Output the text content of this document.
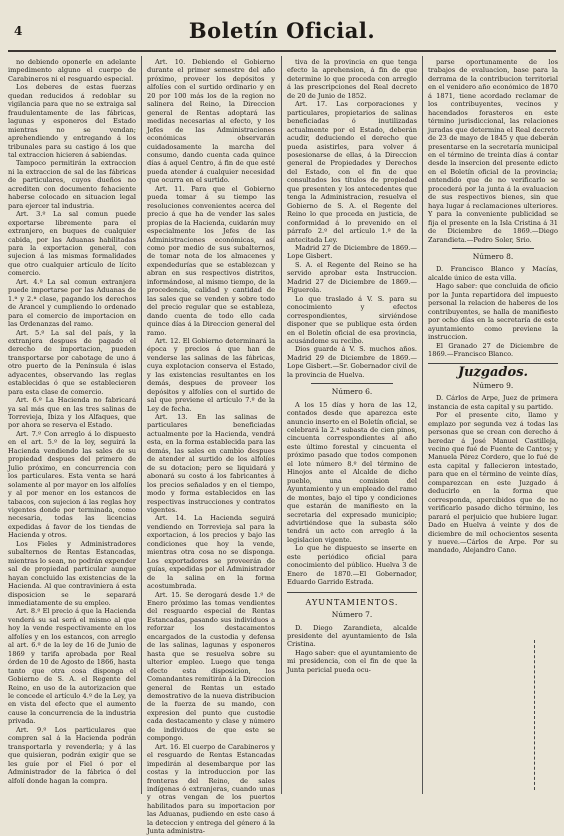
4	Boletín Oficial.

no debiendo oponerle en adelante impedimento alguno el cuerpo de Carabineros ni el resguardo especial.

Los deberes de estas fuerzas quedan reducidos á redoblar su vigilancia para que no se extraiga sal fraudulentamente de las fábricas, lagunas y esponeros del Estado mientras no se vendan; aprehendiendo y entregando á los tribunales para su castigo á los que tal extraccion hicieren á sabiendas.

Tampoco permitirán la extraccion ni la extraccion de sal de las fábricas de particulares, cuyos dueños no acrediten con documento fehaciente haberse colocado en situacion legal para ejercer tal industria.

Art. 3.º La sal comun puede exportarse libremente para el extranjero, en buques de cualquier cabida, por las Aduanas habilitadas para la exportacion general, con sujecion á las mismas formalidades que otro cualquier artículo de lícito comercio.

Art. 4.º La sal comun extranjera puede importarse por las Aduanas de 1.ª y 2.ª clase, pagando los derechos de Arancel y cumpliendo lo ordenado para el comercio de importacion en las Ordenanzas del ramo.

Art. 5.º La sal del país, y la extranjera despues de pagado el derecho de importacion, pueden transportarse por cabotage de uno á otro puerto de la Península é islas adyacentes, observando las reglas establecidas ó que se establecieren para esta clase de comercio.

Art. 6.º La Hacienda no fabricará ya sal más que en las tres salinas de Torrevieja, Ibiza y los Alfaques, que por ahora se reserva el Estado.

Art. 7.º Con arreglo á lo dispuesto en el art. 5.º de la ley, seguirá la Hacienda vendiendo las sales de su propiedad despues del primero de Julio próximo, en concurrencia con los particulares. Esta venta se hará solamente al por mayor en los alfolíes y al por menor en los estancos de tabacos, con sujecion á las reglas hoy vigentes donde por terminada, como necesaria, todas las licencias expedidas á favor de los tiendas de Hacienda y otros.

Los Fieles y Administradores subalternos de Rentas Estancadas, mientras lo sean, no podrán expender sal de propiedad particular aunque hayan concluido las existencias de la Hacienda. Al que contraviniera á esta disposicion se le separará inmediatamente de su empleo.

Art. 8.º El precio á que la Hacienda venderá su sal será el mismo al que hoy la vende respectivamente en los alfolíes y en los estancos, con arreglo al art. 6.º de la ley de 16 de Junio de 1869 y tarifa aprobada por Real órden de 10 de Agosto de 1866, hasta tanto que otra cosa disponga el Gobierno de S. A. el Regente del Reino, en uso de la autorizacion que le concede el artículo 4.º de la Ley, ya en vista del efecto que el aumento cause la concurrencia de la industria privada.

Art. 9.º Los particulares que compren sal á la Hacienda podrán transportarla y revenderla; y á las que quisieran, podrán exigir que se les guíe por el Fiel ó por el Administrador de la fábrica ó del alfolí donde hagan la compra.

Art. 10. Debiendo el Gobierno durante el primer semestre del año próximo, proveer los depósitos y alfolíes con el surtido ordinario y en 20 por 100 más los de la region no salinera del Reino, la Direccion general de Rentas adoptará las medidas necesarias al efecto, y los Jefes de las Administraciones económicas observarán cuidadosamente la marcha del consumo, dando cuenta cada quince días á aquel Centro, á fin de que esté pueda atender á cualquier necesidad que ocurra en el surtido.

Art. 11. Para que el Gobierno pueda tomar á su tiempo las resoluciones convenientes acerca del precio á que ha de vender las sales propias de la Hacienda, cuidarán muy especialmente los Jefes de las Administraciones económicas, así como por medio de sus subalternos, de tomar nota de los almacenes y expendedurías que se establezcan y abran en sus respectivos distritos, informándose, al mismo tiempo, de la procedencia, calidad y cantidad de las sales que se venden y sobre todo del precio regular que se estableza, dando cuenta de todo ello cada quince días á la Direccion general del ramo.

Art. 12. El Gobierno determinará la época y precios á que han de venderse las salinas de las fábricas, cuya explotacion conserva el Estado, y las existencias resultantes en los demás, despues de proveer los depósitos y alfolíes con el surtido de sal que previene el artículo 7.º de la Ley de fecha.

Art. 13. En las salinas de particulares beneficiadas actualmente por la Hacienda, vendrá esta, en la forma establecida para las demás, las sales en cambio despues de atender al surtido de los alfolíes de su dotacion; pero se liquidará y abonará su costo á los fabricantes á los precios señalados y en el tiempo, modo y forma establecidos en las respectivas instrucciones y contratos vigentes.

Art. 14. La Hacienda seguirá vendiendo en Torrevieja sal para la exportacion, á los precios y bajo las condiciones que hoy la vende, mientras otra cosa no se disponga. Los exportadores se proveerán de guías, expedidas por el Administrador de la salina en la forma acostumbrada.

Art. 15. Se derogará desde 1.º de Enero próximo las tomas vendientes del resguardo especial de Rentas Estancadas, pasando sus individuos a reforzar los destacamentos encargados de la custodia y defensa de las salinas, lagunas y esponeros hasta que se resuelva sobre su ulterior empleo. Luego que tenga efecto esta disposicion, los Comandantes remitirán á la Direccion general de Rentas un estado demostrativo de la nueva distribucion de la fuerza de su mando, con expresion del punto que custodie cada destacamento y clase y número de individuos de que este se compongo.

Art. 16. El cuerpo de Carabineros y el resguardo de Rentas Estancadas impedirán al desembarque por las costas y la introduccion por las fronteras del Reino, de sales indígenas ó extranjeras, cuando unas y otras vengan de los puertos habilitados para su importacion por las Aduanas, pudiendo en este caso á la deteccion y entrega del género á la Junta administra-

tiva de la provincia en que tenga efecto la aprehension, á fin de que determine lo que proceda con arreglo á las prescripciones del Real decreto de 20 de Junio de 1852.

Art. 17. Las corporaciones y particulares, propietarios de salinas beneficiadas ó inutilizadas actualmente por el Estado, deberán acudir, deduciendo el derecho que pueda asistirles, para volver á posesionarse de ellas, á la Direccion general de Propiedades y Derechos del Estado, con el fin de que consultados los títulos de propiedad que presenten y los antecedentes que tenga la Administracion, resuelva el Gobierno de S. A. el Regente del Reino lo que proceda en justicia, de conformidad á lo prevenido en el párrafo 2.º del artículo 1.º de la antecitada Ley.

Madrid 27 de Diciembre de 1869.—Lope Gisbert.

S. A. el Regente del Reino se ha servido aprobar esta Instruccion. Madrid 27 de Diciembre de 1869.—Figuerola.

Lo que traslado á V. S. para su conocimiento y efectos correspondientes, sirviéndose disponer que se publique esta órden en el Boletín oficial de esa provincia, acusándome su recibo.

Dios guarde á V. S. muchos años. Madrid 29 de Diciembre de 1869.—Lope Gisbert.—Sr. Gobernador civil de la provincia de Huelva.

Número 6.

A los 15 días y hora de las 12, contados desde que aparezca este anuncio inserto en el Boletín oficial, se celebrará la 2.ª subasta de cien pinos, cincuenta correspondientes al año este último forestal y cincuenta el próximo pasado que todos componen el lote número 8.º del término de Hinojos ante el Alcalde de dicho pueblo, una comision del Ayuntamiento y un empleado del ramo de montes, bajo el tipo y condiciones que estarán de manifiesto en la secretaria del expresado municipio; advirtiéndose que la subasta sólo tendrá un acto con arreglo á la legislacion vigente.

Lo que he dispuesto se inserte en este periódico oficial para conocimiento del público. Huelva 3 de Enero de 1870.—El Gobernador, Eduardo Garrido Estrada.

AYUNTAMIENTOS.
Número 7.

D. Diego Zarandieta, alcalde presidente del ayuntamiento de Isla Cristina.

Hago saber: que el ayuntamiento de mi presidencia, con el fin de que la Junta pericial pueda ocu-

parse oportunamente de los trabajos de evaluacion, base para la derrama de la contribucion territorial en el venidero año económico de 1870 á 1871, tiene acordado reclamar de los contribuyentes, vecinos y hacendados forasteros en este término jurisdiccional, las relaciones juradas que determina el Real decreto de 23 de mayo de 1845 y que deberán presentarse en la secretaría municipal en el término de treinta días á contar desde la insercion del presente edicto en el Boletín oficial de la provincia; entendido que de no verificarlo se procederá por la junta á la evaluacion de sus respectivos bienes, sin que haya lugar á reclamaciones ulteriores. Y para la conveniente publicidad se fija el presente en la Isla Cristina á 31 de Diciembre de 1869.—Diego Zarandieta.—Pedro Soler, Srio.

Número 8.

D. Francisco Blanco y Macías, alcalde único de esta villa.

Hago saber: que concluida de oficio por la Junta repartidora del impuesto personal la relacion de haberes de los contribuyentes, se halla de manifiesto por ocho días en la secretaría de este ayuntamiento como previene la instruccion.

El Granado 27 de Diciembre de 1869.—Francisco Blanco.

Juzgados.
Número 9.

D. Cárlos de Arpe, Juez de primera instancia de esta capital y su partido.

Por el presente cito, llamo y emplazo por segunda vez á todas las personas que se crean con derecho á heredar á José Manuel Castilleja, vecino que fué de Fuente de Cantos; y Manuela Pérez Cordero, que lo fué de esta capital y fallecieron intestado, para que en el término de veinte días, comparezcan en este Juzgado á deducirlo en la forma que corresponda, apercibidos que de no verificarlo pasado dicho término, les parará el perjuicio que hubiere lugar. Dado en Huelva á veinte y dos de diciembre de mil ochocientos sesenta y nueve.—Cárlos de Arpe. Por su mandado, Alejandro Cano.
